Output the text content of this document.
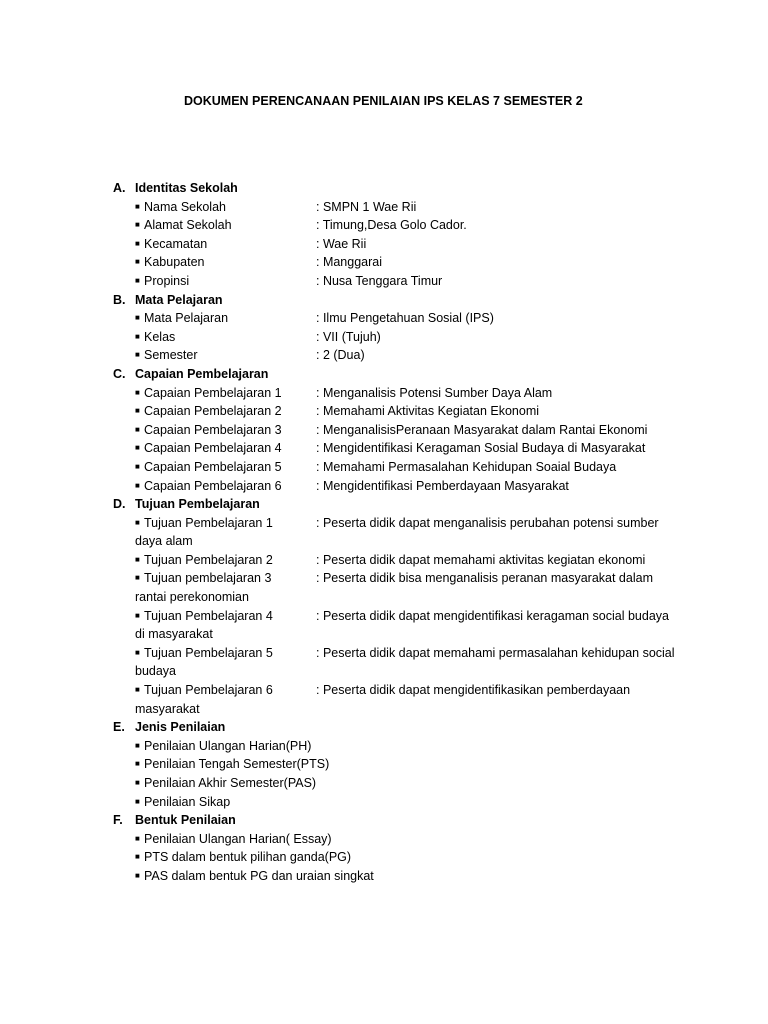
DOKUMEN PERENCANAAN PENILAIAN IPS KELAS 7 SEMESTER 2
A. Identitas Sekolah
■ Nama Sekolah	: SMPN 1 Wae Rii
■ Alamat Sekolah	: Timung,Desa Golo Cador.
■ Kecamatan	: Wae Rii
■ Kabupaten	: Manggarai
■ Propinsi	: Nusa Tenggara Timur
B. Mata Pelajaran
■ Mata Pelajaran	: Ilmu Pengetahuan Sosial (IPS)
■ Kelas	: VII (Tujuh)
■ Semester	: 2 (Dua)
C. Capaian Pembelajaran
■ Capaian Pembelajaran 1	: Menganalisis Potensi Sumber Daya Alam
■ Capaian Pembelajaran 2	: Memahami Aktivitas Kegiatan Ekonomi
■ Capaian Pembelajaran 3	: MenganalisisPeranaan Masyarakat dalam Rantai Ekonomi
■ Capaian Pembelajaran 4	: Mengidentifikasi Keragaman Sosial Budaya di Masyarakat
■ Capaian Pembelajaran 5	: Memahami Permasalahan Kehidupan Soaial Budaya
■ Capaian Pembelajaran 6	: Mengidentifikasi Pemberdayaan Masyarakat
D. Tujuan Pembelajaran
■ Tujuan Pembelajaran 1	: Peserta didik dapat menganalisis perubahan potensi sumber
daya alam
■ Tujuan Pembelajaran 2	: Peserta didik dapat memahami aktivitas kegiatan ekonomi
■ Tujuan pembelajaran 3	: Peserta didik bisa menganalisis peranan masyarakat dalam
rantai perekonomian
■ Tujuan Pembelajaran 4	: Peserta didik dapat mengidentifikasi keragaman social budaya
di masyarakat
■ Tujuan Pembelajaran 5	: Peserta didik dapat memahami permasalahan kehidupan social
budaya
■ Tujuan Pembelajaran 6	: Peserta didik dapat mengidentifikasikan pemberdayaan
masyarakat
E. Jenis Penilaian
■ Penilaian Ulangan Harian(PH)
■ Penilaian Tengah Semester(PTS)
■ Penilaian Akhir Semester(PAS)
■ Penilaian Sikap
F. Bentuk Penilaian
■ Penilaian Ulangan Harian( Essay)
■ PTS dalam bentuk pilihan ganda(PG)
■ PAS dalam bentuk PG dan uraian singkat
